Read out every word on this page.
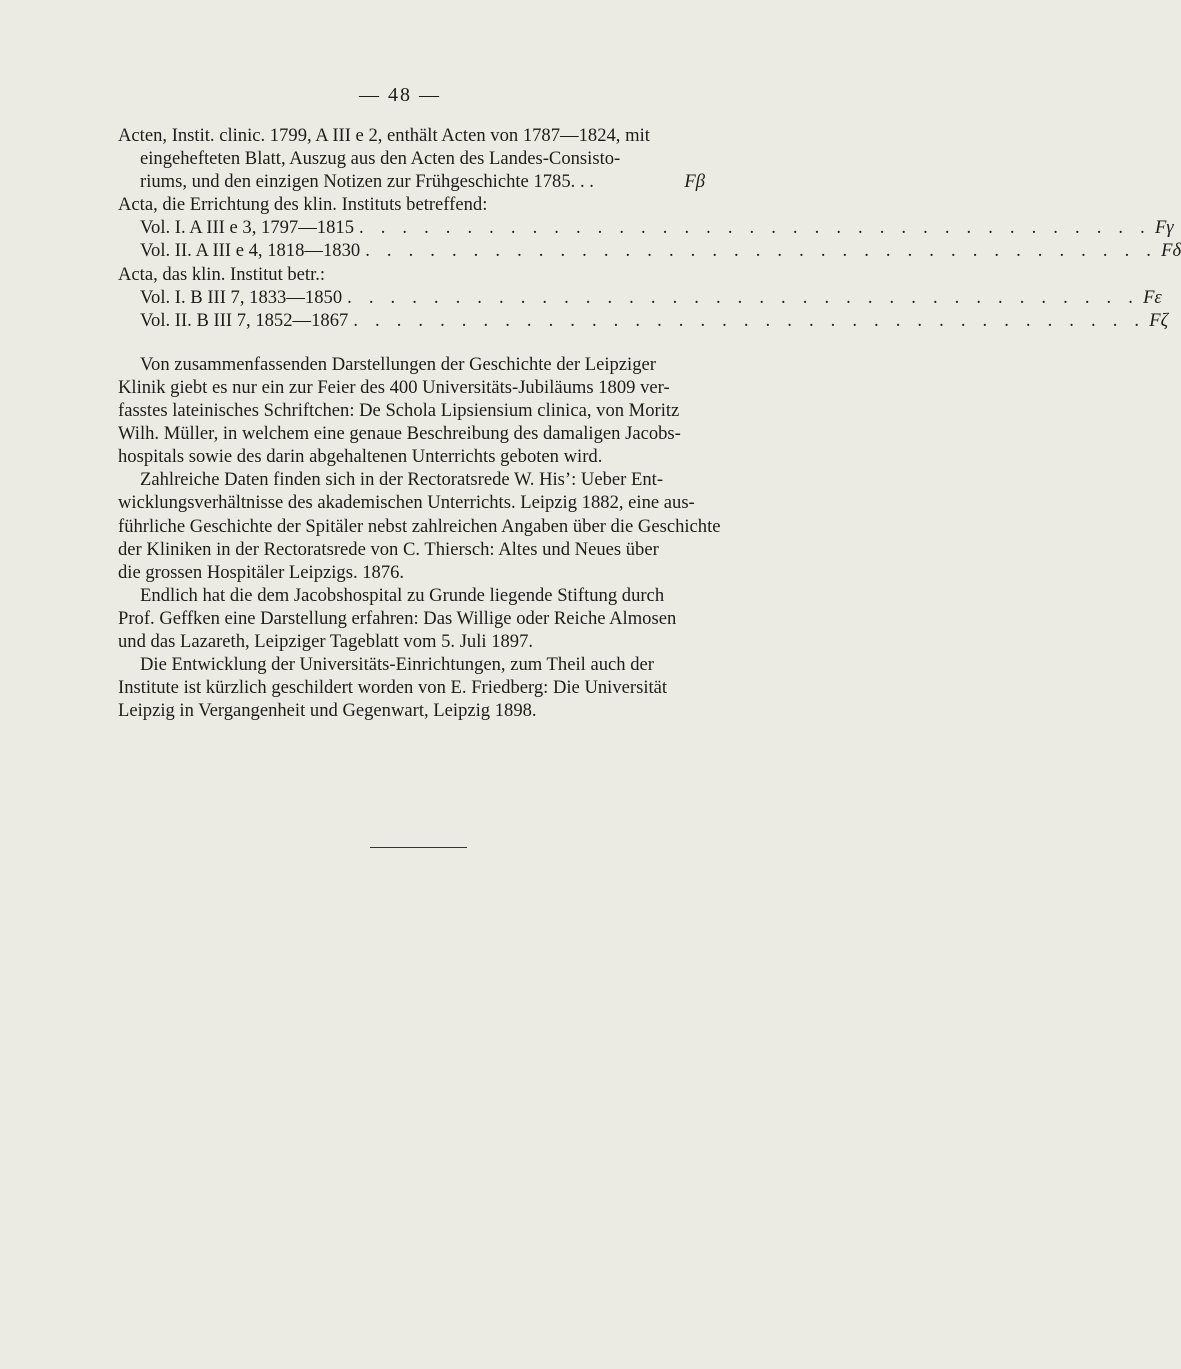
— 48 —
Acten, Instit. clinic. 1799, A III e 2, enthält Acten von 1787—1824, mit
eingehefteten Blatt, Auszug aus den Acten des Landes-Consisto-
riums, und den einzigen Notizen zur Frühgeschichte 1785. . .	Fβ
Acta, die Errichtung des klin. Instituts betreffend:
Vol. I. A III e 3, 1797—1815 . . . . . . . . . . . . . . . . . . . . . . . . . . . . . . . . . . . . . Fγ
Vol. II. A III e 4, 1818—1830 . . . . . . . . . . . . . . . . . . . . . . . . . . . . . . . . . . . . . Fδ
Acta, das klin. Institut betr.:
Vol. I. B III 7, 1833—1850 . . . . . . . . . . . . . . . . . . . . . . . . . . . . . . . . . . . . . Fε
Vol. II. B III 7, 1852—1867 . . . . . . . . . . . . . . . . . . . . . . . . . . . . . . . . . . . . . Fζ
Von zusammenfassenden Darstellungen der Geschichte der Leipziger
Klinik giebt es nur ein zur Feier des 400 Universitäts-Jubiläums 1809 ver-
fasstes lateinisches Schriftchen: De Schola Lipsiensium clinica, von Moritz
Wilh. Müller, in welchem eine genaue Beschreibung des damaligen Jacobs-
hospitals sowie des darin abgehaltenen Unterrichts geboten wird.
Zahlreiche Daten finden sich in der Rectoratsrede W. His’: Ueber Ent-
wicklungsverhältnisse des akademischen Unterrichts. Leipzig 1882, eine aus-
führliche Geschichte der Spitäler nebst zahlreichen Angaben über die Geschichte
der Kliniken in der Rectoratsrede von C. Thiersch: Altes und Neues über
die grossen Hospitäler Leipzigs. 1876.
Endlich hat die dem Jacobshospital zu Grunde liegende Stiftung durch
Prof. Geffken eine Darstellung erfahren: Das Willige oder Reiche Almosen
und das Lazareth, Leipziger Tageblatt vom 5. Juli 1897.
Die Entwicklung der Universitäts-Einrichtungen, zum Theil auch der
Institute ist kürzlich geschildert worden von E. Friedberg: Die Universität
Leipzig in Vergangenheit und Gegenwart, Leipzig 1898.
